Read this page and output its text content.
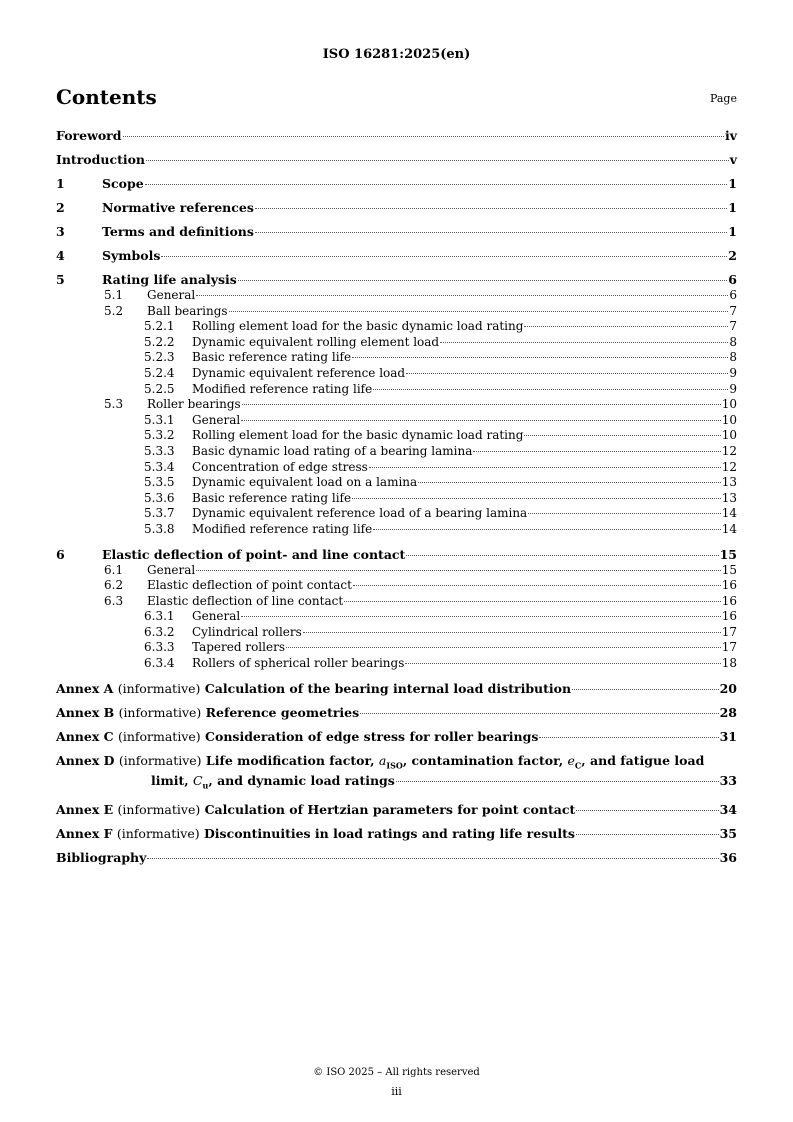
ISO 16281:2025(en)
Contents	Page
Foreword	iv
Introduction	v
1	Scope	1
2	Normative references	1
3	Terms and definitions	1
4	Symbols	2
5	Rating life analysis	6
5.1	General	6
5.2	Ball bearings	7
5.2.1	Rolling element load for the basic dynamic load rating	7
5.2.2	Dynamic equivalent rolling element load	8
5.2.3	Basic reference rating life	8
5.2.4	Dynamic equivalent reference load	9
5.2.5	Modified reference rating life	9
5.3	Roller bearings	10
5.3.1	General	10
5.3.2	Rolling element load for the basic dynamic load rating	10
5.3.3	Basic dynamic load rating of a bearing lamina	12
5.3.4	Concentration of edge stress	12
5.3.5	Dynamic equivalent load on a lamina	13
5.3.6	Basic reference rating life	13
5.3.7	Dynamic equivalent reference load of a bearing lamina	14
5.3.8	Modified reference rating life	14
6	Elastic deflection of point- and line contact	15
6.1	General	15
6.2	Elastic deflection of point contact	16
6.3	Elastic deflection of line contact	16
6.3.1	General	16
6.3.2	Cylindrical rollers	17
6.3.3	Tapered rollers	17
6.3.4	Rollers of spherical roller bearings	18
Annex A (informative) Calculation of the bearing internal load distribution	20
Annex B (informative) Reference geometries	28
Annex C (informative) Consideration of edge stress for roller bearings	31
Annex D (informative) Life modification factor, $a_{ISO}$, contamination factor, $e_C$, and fatigue load
limit, $C_u$, and dynamic load ratings	33
Annex E (informative) Calculation of Hertzian parameters for point contact	34
Annex F (informative) Discontinuities in load ratings and rating life results	35
Bibliography	36
© ISO 2025 – All rights reserved
iii
